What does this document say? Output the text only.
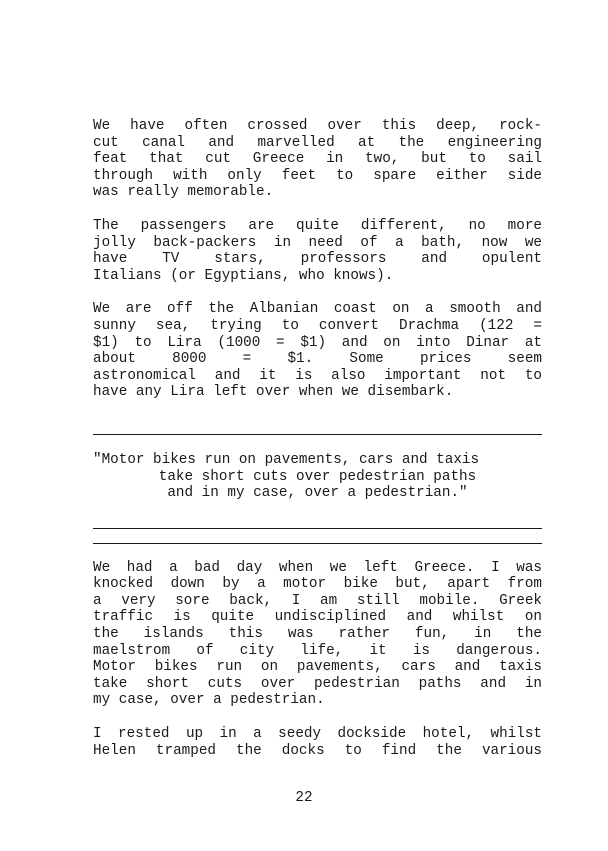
We have often crossed over this deep, rock-
cut canal and marvelled at the engineering
feat that cut Greece in two, but to sail
through with only feet to spare either side
was really memorable.
The passengers are quite different, no more
jolly back-packers in need of a bath, now we
have TV stars, professors and opulent
Italians (or Egyptians, who knows).
We are off the Albanian coast on a smooth and
sunny sea, trying to convert Drachma (122 =
$1) to Lira (1000 = $1) and on into Dinar at
about 8000 = $1. Some prices seem
astronomical and it is also important not to
have any Lira left over when we disembark.
"Motor bikes run on pavements, cars and taxis
take short cuts over pedestrian paths
and in my case, over a pedestrian."
We had a bad day when we left Greece. I was
knocked down by a motor bike but, apart from
a very sore back, I am still mobile. Greek
traffic is quite undisciplined and whilst on
the islands this was rather fun, in the
maelstrom of city life, it is dangerous.
Motor bikes run on pavements, cars and taxis
take short cuts over pedestrian paths and in
my case, over a pedestrian.
I rested up in a seedy dockside hotel, whilst
Helen tramped the docks to find the various
22
